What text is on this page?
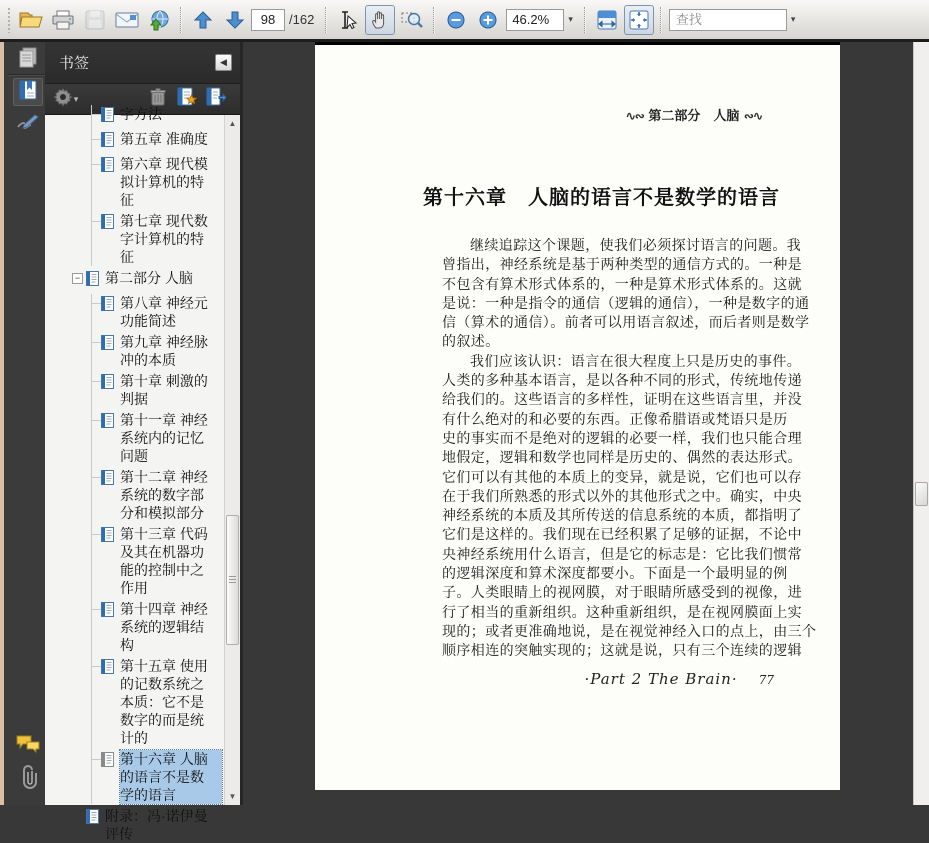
98
/162	46.2%	▾
查找	▾
书签	◀
▾
字方法
第五章 准确度
第六章 现代模
拟计算机的特
征
第七章 现代数
字计算机的特
征
− 第二部分 人脑
第八章 神经元
功能简述
第九章 神经脉
冲的本质
第十章 刺激的
判据
第十一章 神经
系统内的记忆
问题
第十二章 神经
系统的数字部
分和模拟部分
第十三章 代码
及其在机器功
能的控制中之
作用
第十四章 神经
系统的逻辑结
构
第十五章 使用
的记数系统之
本质：它不是
数字的而是统
计的
第十六章 人脑
的语言不是数
学的语言
附录：冯·诺伊曼
评传
▲
▼
∿∾ 第二部分　人脑 ∾∿
第十六章　人脑的语言不是数学的语言
继续追踪这个课题，使我们必须探讨语言的问题。我
曾指出，神经系统是基于两种类型的通信方式的。一种是
不包含有算术形式体系的，一种是算术形式体系的。这就
是说：一种是指令的通信（逻辑的通信），一种是数字的通
信（算术的通信）。前者可以用语言叙述，而后者则是数学
的叙述。
我们应该认识：语言在很大程度上只是历史的事件。
人类的多种基本语言，是以各种不同的形式，传统地传递
给我们的。这些语言的多样性，证明在这些语言里，并没
有什么绝对的和必要的东西。正像希腊语或梵语只是历
史的事实而不是绝对的逻辑的必要一样，我们也只能合理
地假定，逻辑和数学也同样是历史的、偶然的表达形式。
它们可以有其他的本质上的变异，就是说，它们也可以存
在于我们所熟悉的形式以外的其他形式之中。确实，中央
神经系统的本质及其所传送的信息系统的本质，都指明了
它们是这样的。我们现在已经积累了足够的证据，不论中
央神经系统用什么语言，但是它的标志是：它比我们惯常
的逻辑深度和算术深度都要小。下面是一个最明显的例
子。人类眼睛上的视网膜，对于眼睛所感受到的视像，进
行了相当的重新组织。这种重新组织，是在视网膜面上实
现的；或者更准确地说，是在视觉神经入口的点上，由三个
顺序相连的突触实现的；这就是说，只有三个连续的逻辑
·Part 2 The Brain· 77
